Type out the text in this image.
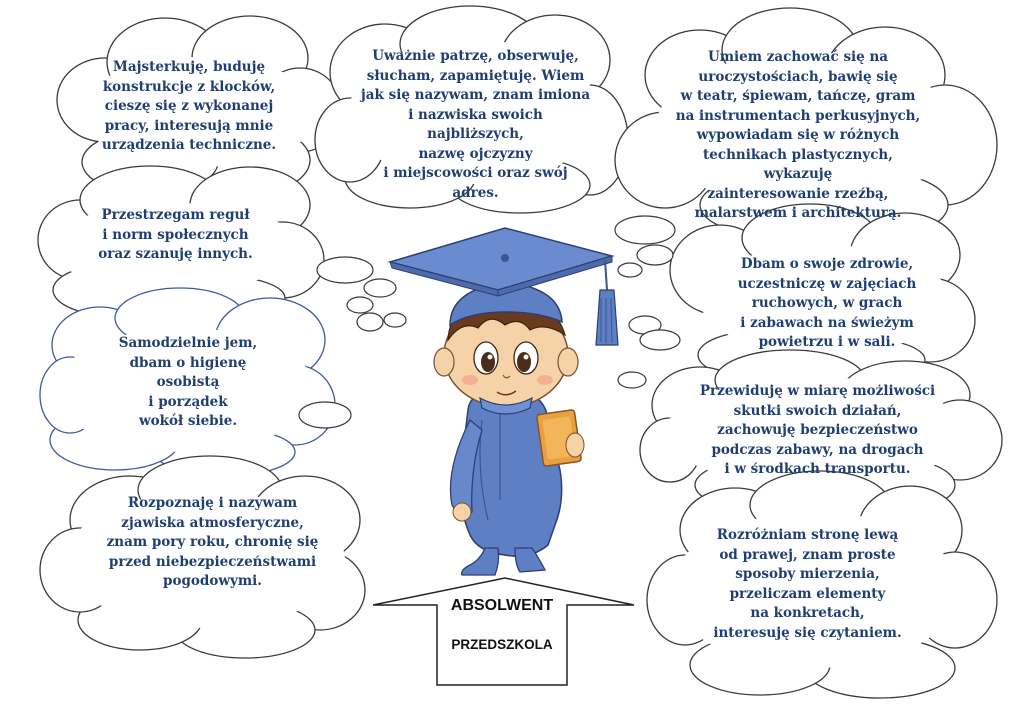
Majsterkuję, buduję
konstrukcje z klocków,
cieszę się z wykonanej
pracy, interesują mnie
urządzenia techniczne.
Uważnie patrzę, obserwuję,
słucham, zapamiętuję. Wiem
jak się nazywam, znam imiona
i nazwiska swoich najbliższych,
nazwę ojczyzny
i miejscowości oraz swój adres.
Umiem zachować się na
uroczystościach, bawię się
w teatr, śpiewam, tańczę, gram
na instrumentach perkusyjnych,
wypowiadam się w różnych
technikach plastycznych, wykazuję
zainteresowanie rzeźbą,
malarstwem i architekturą.
Przestrzegam reguł
i norm społecznych
oraz szanuję innych.
Dbam o swoje zdrowie,
uczestniczę w zajęciach
ruchowych, w grach
i zabawach na świeżym
powietrzu i w sali.
Samodzielnie jem,
dbam o higienę osobistą
i porządek
wokół siebie.
Przewiduję w miarę możliwości
skutki swoich działań,
zachowuję bezpieczeństwo
podczas zabawy, na drogach
i w środkach transportu.
Rozpoznaję i nazywam
zjawiska atmosferyczne,
znam pory roku, chronię się
przed niebezpieczeństwami
pogodowymi.
Rozróżniam stronę lewą
od prawej, znam proste
sposoby mierzenia,
przeliczam elementy
na konkretach,
interesuję się czytaniem.
ABSOLWENT
PRZEDSZKOLA
